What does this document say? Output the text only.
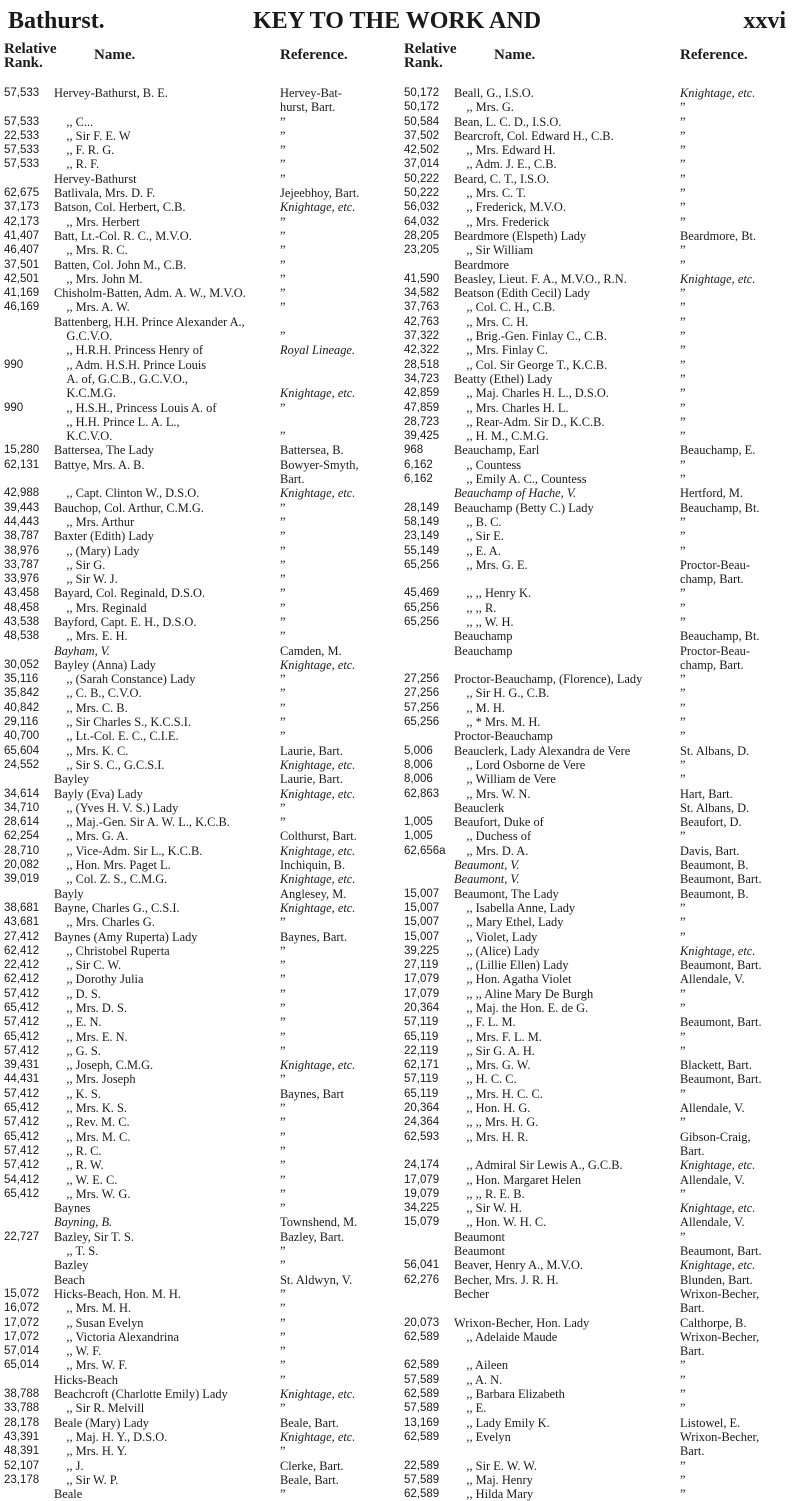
Bathurst.	KEY TO THE WORK AND	xxvi
Relative
Rank.	Name.	Reference.
57,533	Hervey-Bathurst, B. E.	Hervey-Bat-
hurst, Bart.
57,533	 ,, C...	”
22,533	 ,, Sir F. E. W	”
57,533	 ,, F. R. G.	”
57,533	 ,, R. F.	”
Hervey-Bathurst	”
62,675	Batlivala, Mrs. D. F.	Jejeebhoy, Bart.
37,173	Batson, Col. Herbert, C.B.	Knightage, etc.
42,173	 ,, Mrs. Herbert	”
41,407	Batt, Lt.-Col. R. C., M.V.O.	”
46,407	 ,, Mrs. R. C.	”
37,501	Batten, Col. John M., C.B.	”
42,501	 ,, Mrs. John M.	”
41,169	Chisholm-Batten, Adm. A. W., M.V.O.	”
46,169	 ,, Mrs. A. W.	”
Battenberg, H.H. Prince Alexander A.,
 G.C.V.O.	”
 ,, H.R.H. Princess Henry of	Royal Lineage.
990	 ,, Adm. H.S.H. Prince Louis
 A. of, G.C.B., G.C.V.O.,
 K.C.M.G.	Knightage, etc.
990	 ,, H.S.H., Princess Louis A. of	”
 ,, H.H. Prince L. A. L.,
 K.C.V.O.	”
15,280	Battersea, The Lady	Battersea, B.
62,131	Battye, Mrs. A. B.	Bowyer-Smyth,
Bart.
42,988	 ,, Capt. Clinton W., D.S.O.	Knightage, etc.
39,443	Bauchop, Col. Arthur, C.M.G.	”
44,443	 ,, Mrs. Arthur	”
38,787	Baxter (Edith) Lady	”
38,976	 ,, (Mary) Lady	”
33,787	 ,, Sir G.	”
33,976	 ,, Sir W. J.	”
43,458	Bayard, Col. Reginald, D.S.O.	”
48,458	 ,, Mrs. Reginald	”
43,538	Bayford, Capt. E. H., D.S.O.	”
48,538	 ,, Mrs. E. H.	”
Bayham, V.	Camden, M.
30,052	Bayley (Anna) Lady	Knightage, etc.
35,116	 ,, (Sarah Constance) Lady	”
35,842	 ,, C. B., C.V.O.	”
40,842	 ,, Mrs. C. B.	”
29,116	 ,, Sir Charles S., K.C.S.I.	”
40,700	 ,, Lt.-Col. E. C., C.I.E.	”
65,604	 ,, Mrs. K. C.	Laurie, Bart.
24,552	 ,, Sir S. C., G.C.S.I.	Knightage, etc.
Bayley	Laurie, Bart.
34,614	Bayly (Eva) Lady	Knightage, etc.
34,710	 ,, (Yves H. V. S.) Lady	”
28,614	 ,, Maj.-Gen. Sir A. W. L., K.C.B.	”
62,254	 ,, Mrs. G. A.	Colthurst, Bart.
28,710	 ,, Vice-Adm. Sir L., K.C.B.	Knightage, etc.
20,082	 ,, Hon. Mrs. Paget L.	Inchiquin, B.
39,019	 ,, Col. Z. S., C.M.G.	Knightage, etc.
Bayly	Anglesey, M.
38,681	Bayne, Charles G., C.S.I.	Knightage, etc.
43,681	 ,, Mrs. Charles G.	”
27,412	Baynes (Amy Ruperta) Lady	Baynes, Bart.
62,412	 ,, Christobel Ruperta	”
22,412	 ,, Sir C. W.	”
62,412	 ,, Dorothy Julia	”
57,412	 ,, D. S.	”
65,412	 ,, Mrs. D. S.	”
57,412	 ,, E. N.	”
65,412	 ,, Mrs. E. N.	”
57,412	 ,, G. S.	”
39,431	 ,, Joseph, C.M.G.	Knightage, etc.
44,431	 ,, Mrs. Joseph	”
57,412	 ,, K. S.	Baynes, Bart
65,412	 ,, Mrs. K. S.	”
57,412	 ,, Rev. M. C.	”
65,412	 ,, Mrs. M. C.	”
57,412	 ,, R. C.	”
57,412	 ,, R. W.	”
54,412	 ,, W. E. C.	”
65,412	 ,, Mrs. W. G.	”
Baynes	”
Bayning, B.	Townshend, M.
22,727	Bazley, Sir T. S.	Bazley, Bart.
 ,, T. S.	”
Bazley	”
Beach	St. Aldwyn, V.
15,072	Hicks-Beach, Hon. M. H.	”
16,072	 ,, Mrs. M. H.	”
17,072	 ,, Susan Evelyn	”
17,072	 ,, Victoria Alexandrina	”
57,014	 ,, W. F.	”
65,014	 ,, Mrs. W. F.	”
Hicks-Beach	”
38,788	Beachcroft (Charlotte Emily) Lady	Knightage, etc.
33,788	 ,, Sir R. Melvill	”
28,178	Beale (Mary) Lady	Beale, Bart.
43,391	 ,, Maj. H. Y., D.S.O.	Knightage, etc.
48,391	 ,, Mrs. H. Y.	”
52,107	 ,, J.	Clerke, Bart.
23,178	 ,, Sir W. P.	Beale, Bart.
Beale	”
Relative
Rank.	Name.	Reference.
50,172	Beall, G., I.S.O.	Knightage, etc.
50,172	 ,, Mrs. G.	”
50,584	Bean, L. C. D., I.S.O.	”
37,502	Bearcroft, Col. Edward H., C.B.	”
42,502	 ,, Mrs. Edward H.	”
37,014	 ,, Adm. J. E., C.B.	”
50,222	Beard, C. T., I.S.O.	”
50,222	 ,, Mrs. C. T.	”
56,032	 ,, Frederick, M.V.O.	”
64,032	 ,, Mrs. Frederick	”
28,205	Beardmore (Elspeth) Lady	Beardmore, Bt.
23,205	 ,, Sir William	”
Beardmore	”
41,590	Beasley, Lieut. F. A., M.V.O., R.N.	Knightage, etc.
34,582	Beatson (Edith Cecil) Lady	”
37,763	 ,, Col. C. H., C.B.	”
42,763	 ,, Mrs. C. H.	”
37,322	 ,, Brig.-Gen. Finlay C., C.B.	”
42,322	 ,, Mrs. Finlay C.	”
28,518	 ,, Col. Sir George T., K.C.B.	”
34,723	Beatty (Ethel) Lady	”
42,859	 ,, Maj. Charles H. L., D.S.O.	”
47,859	 ,, Mrs. Charles H. L.	”
28,723	 ,, Rear-Adm. Sir D., K.C.B.	”
39,425	 ,, H. M., C.M.G.	”
968	Beauchamp, Earl	Beauchamp, E.
6,162	 ,, Countess	”
6,162	 ,, Emily A. C., Countess	”
Beauchamp of Hache, V.	Hertford, M.
28,149	Beauchamp (Betty C.) Lady	Beauchamp, Bt.
58,149	 ,, B. C.	”
23,149	 ,, Sir E.	”
55,149	 ,, E. A.	”
65,256	 ,, Mrs. G. E.	Proctor-Beau-
champ, Bart.
45,469	 ,, ,, Henry K.	”
65,256	 ,, ,, R.	”
65,256	 ,, ,, W. H.	”
Beauchamp	Beauchamp, Bt.
Beauchamp	Proctor-Beau-
champ, Bart.
27,256	Proctor-Beauchamp, (Florence), Lady	”
27,256	 ,, Sir H. G., C.B.	”
57,256	 ,, M. H.	”
65,256	 ,, * Mrs. M. H.	”
Proctor-Beauchamp	”
5,006	Beauclerk, Lady Alexandra de Vere	St. Albans, D.
8,006	 ,, Lord Osborne de Vere	”
8,006	 ,, William de Vere	”
62,863	 ,, Mrs. W. N.	Hart, Bart.
Beauclerk	St. Albans, D.
1,005	Beaufort, Duke of	Beaufort, D.
1,005	 ,, Duchess of	”
62,656a  ,, Mrs. D. A.	Davis, Bart.
Beaumont, V.	Beaumont, B.
Beaumont, V.	Beaumont, Bart.
15,007	Beaumont, The Lady	Beaumont, B.
15,007	 ,, Isabella Anne, Lady	”
15,007	 ,, Mary Ethel, Lady	”
15,007	 ,, Violet, Lady	”
39,225	 ,, (Alice) Lady	Knightage, etc.
27,119	 ,, (Lillie Ellen) Lady	Beaumont, Bart.
17,079	 ,, Hon. Agatha Violet	Allendale, V.
17,079	 ,, ,, Aline Mary De Burgh	”
20,364	 ,, Maj. the Hon. E. de G.	”
57,119	 ,, F. L. M.	Beaumont, Bart.
65,119	 ,, Mrs. F. L. M.	”
22,119	 ,, Sir G. A. H.	”
62,171	 ,, Mrs. G. W.	Blackett, Bart.
57,119	 ,, H. C. C.	Beaumont, Bart.
65,119	 ,, Mrs. H. C. C.	”
20,364	 ,, Hon. H. G.	Allendale, V.
24,364	 ,, ,, Mrs. H. G.	”
62,593	 ,, Mrs. H. R.	Gibson-Craig,
Bart.
24,174	 ,, Admiral Sir Lewis A., G.C.B.	Knightage, etc.
17,079	 ,, Hon. Margaret Helen	Allendale, V.
19,079	 ,, ,, R. E. B.	”
34,225	 ,, Sir W. H.	Knightage, etc.
15,079	 ,, Hon. W. H. C.	Allendale, V.
Beaumont	”
Beaumont	Beaumont, Bart.
56,041	Beaver, Henry A., M.V.O.	Knightage, etc.
62,276	Becher, Mrs. J. R. H.	Blunden, Bart.
Becher	Wrixon-Becher,
Bart.
20,073	Wrixon-Becher, Hon. Lady	Calthorpe, B.
62,589	 ,, Adelaide Maude	Wrixon-Becher,
Bart.
62,589	 ,, Aileen	”
57,589	 ,, A. N.	”
62,589	 ,, Barbara Elizabeth	”
57,589	 ,, E.	”
13,169	 ,, Lady Emily K.	Listowel, E.
62,589	 ,, Evelyn	Wrixon-Becher,
Bart.
22,589	 ,, Sir E. W. W.	”
57,589	 ,, Maj. Henry	”
62,589	 ,, Hilda Mary	”
